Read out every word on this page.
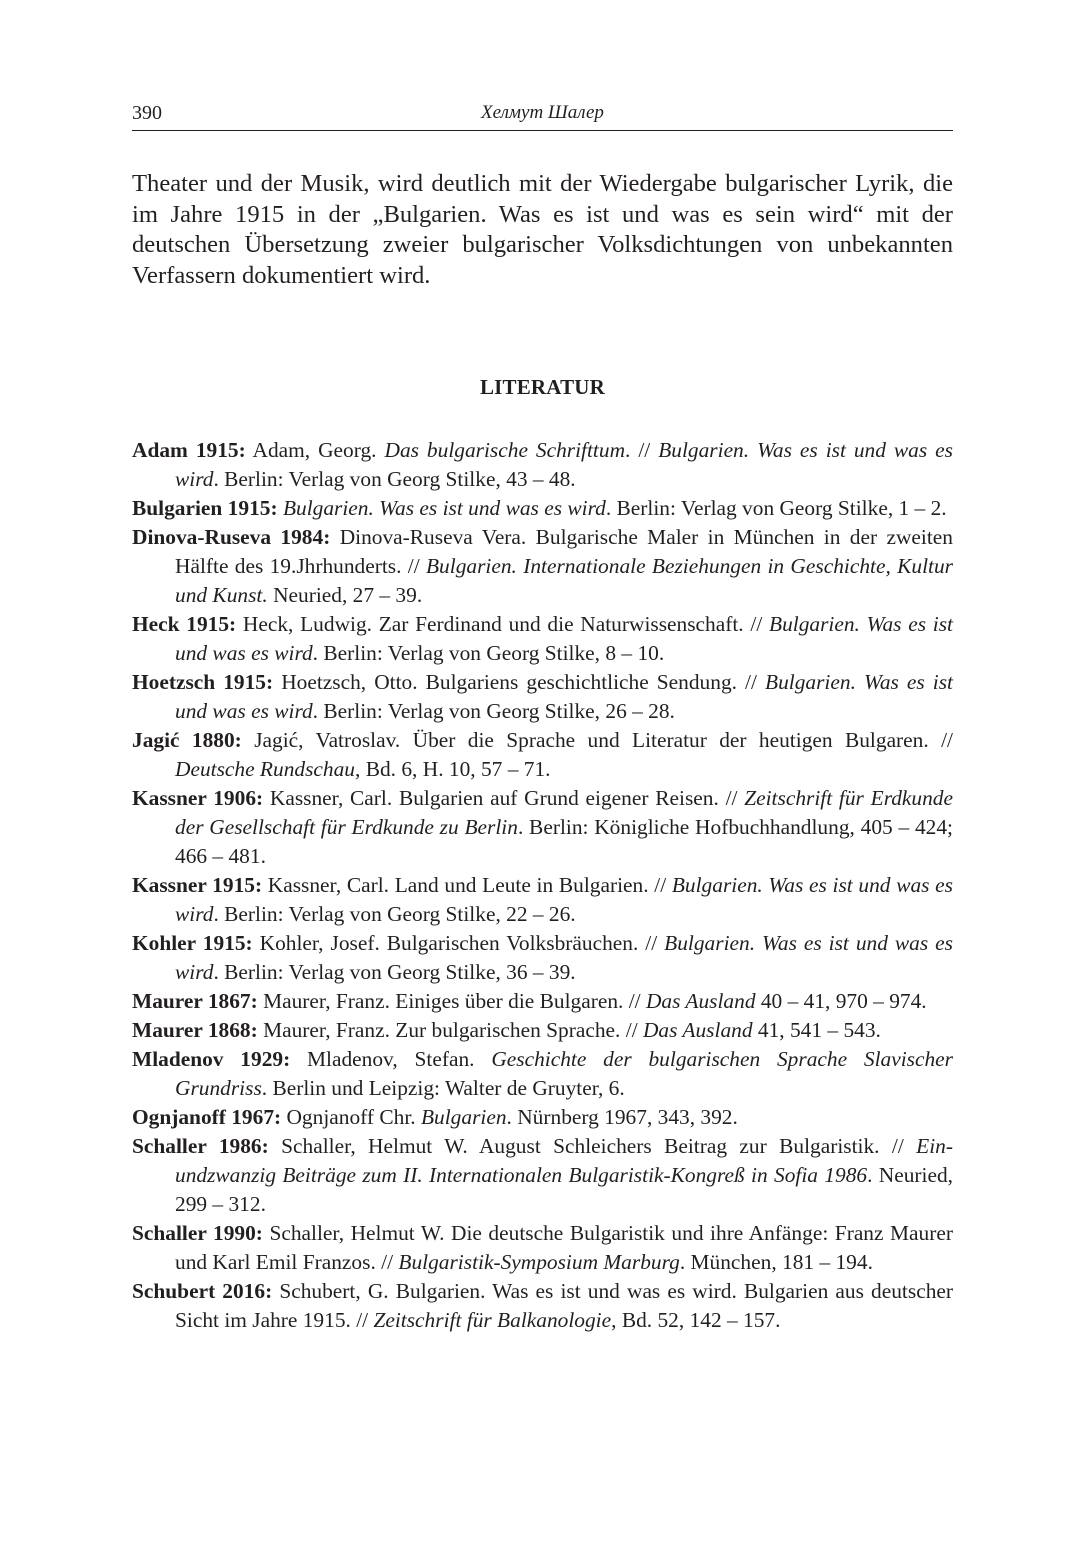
390	Хелмут Шалер

Theater und der Musik, wird deutlich mit der Wiedergabe bulgarischer Lyrik, die im Jahre 1915 in der „Bulgarien. Was es ist und was es sein wird“ mit der deutschen Übersetzung zweier bulgarischer Volksdichtungen von unbekannten Verfassern dokumentiert wird.

LITERATUR
Adam 1915: Adam, Georg. Das bulgarische Schrifttum. // Bulgarien. Was es ist und was es wird. Berlin: Verlag von Georg Stilke, 43 – 48.
Bulgarien 1915: Bulgarien. Was es ist und was es wird. Berlin: Verlag von Georg Stilke, 1 – 2.
Dinova-Ruseva 1984: Dinova-Ruseva Vera. Bulgarische Maler in München in der zweiten Hälfte des 19.Jhrhunderts. // Bulgarien. Internationale Beziehungen in Geschichte, Kultur und Kunst. Neuried, 27 – 39.
Heck 1915: Heck, Ludwig. Zar Ferdinand und die Naturwissenschaft. // Bulgarien. Was es ist und was es wird. Berlin: Verlag von Georg Stilke, 8 – 10.
Hoetzsch 1915: Hoetzsch, Otto. Bulgariens geschichtliche Sendung. // Bulgarien. Was es ist und was es wird. Berlin: Verlag von Georg Stilke, 26 – 28.
Jagić 1880: Jagić, Vatroslav. Über die Sprache und Literatur der heutigen Bulgaren. // Deutsche Rundschau, Bd. 6, H. 10, 57 – 71.
Kassner 1906: Kassner, Carl. Bulgarien auf Grund eigener Reisen. // Zeitschrift für Erdkunde der Gesellschaft für Erdkunde zu Berlin. Berlin: Königliche Hofbuchhandlung, 405 – 424; 466 – 481.
Kassner 1915: Kassner, Carl. Land und Leute in Bulgarien. // Bulgarien. Was es ist und was es wird. Berlin: Verlag von Georg Stilke, 22 – 26.
Kohler 1915: Kohler, Josef. Bulgarischen Volksbräuchen. // Bulgarien. Was es ist und was es wird. Berlin: Verlag von Georg Stilke, 36 – 39.
Maurer 1867: Maurer, Franz. Einiges über die Bulgaren. // Das Ausland 40 – 41, 970 – 974.
Maurer 1868: Maurer, Franz. Zur bulgarischen Sprache. // Das Ausland 41, 541 – 543.
Mladenov 1929: Mladenov, Stefan. Geschichte der bulgarischen Sprache Slavischer Grundriss. Berlin und Leipzig: Walter de Gruyter, 6.
Ognjanoff 1967: Ognjanoff Chr. Bulgarien. Nürnberg 1967, 343, 392.
Schaller 1986: Schaller, Helmut W. August Schleichers Beitrag zur Bulgaristik. // Einundzwanzig Beiträge zum II. Internationalen Bulgaristik-Kongreß in Sofia 1986. Neuried, 299 – 312.
Schaller 1990: Schaller, Helmut W. Die deutsche Bulgaristik und ihre Anfänge: Franz Maurer und Karl Emil Franzos. // Bulgaristik-Symposium Marburg. München, 181 – 194.
Schubert 2016: Schubert, G. Bulgarien. Was es ist und was es wird. Bulgarien aus deutscher Sicht im Jahre 1915. // Zeitschrift für Balkanologie, Bd. 52, 142 – 157.
